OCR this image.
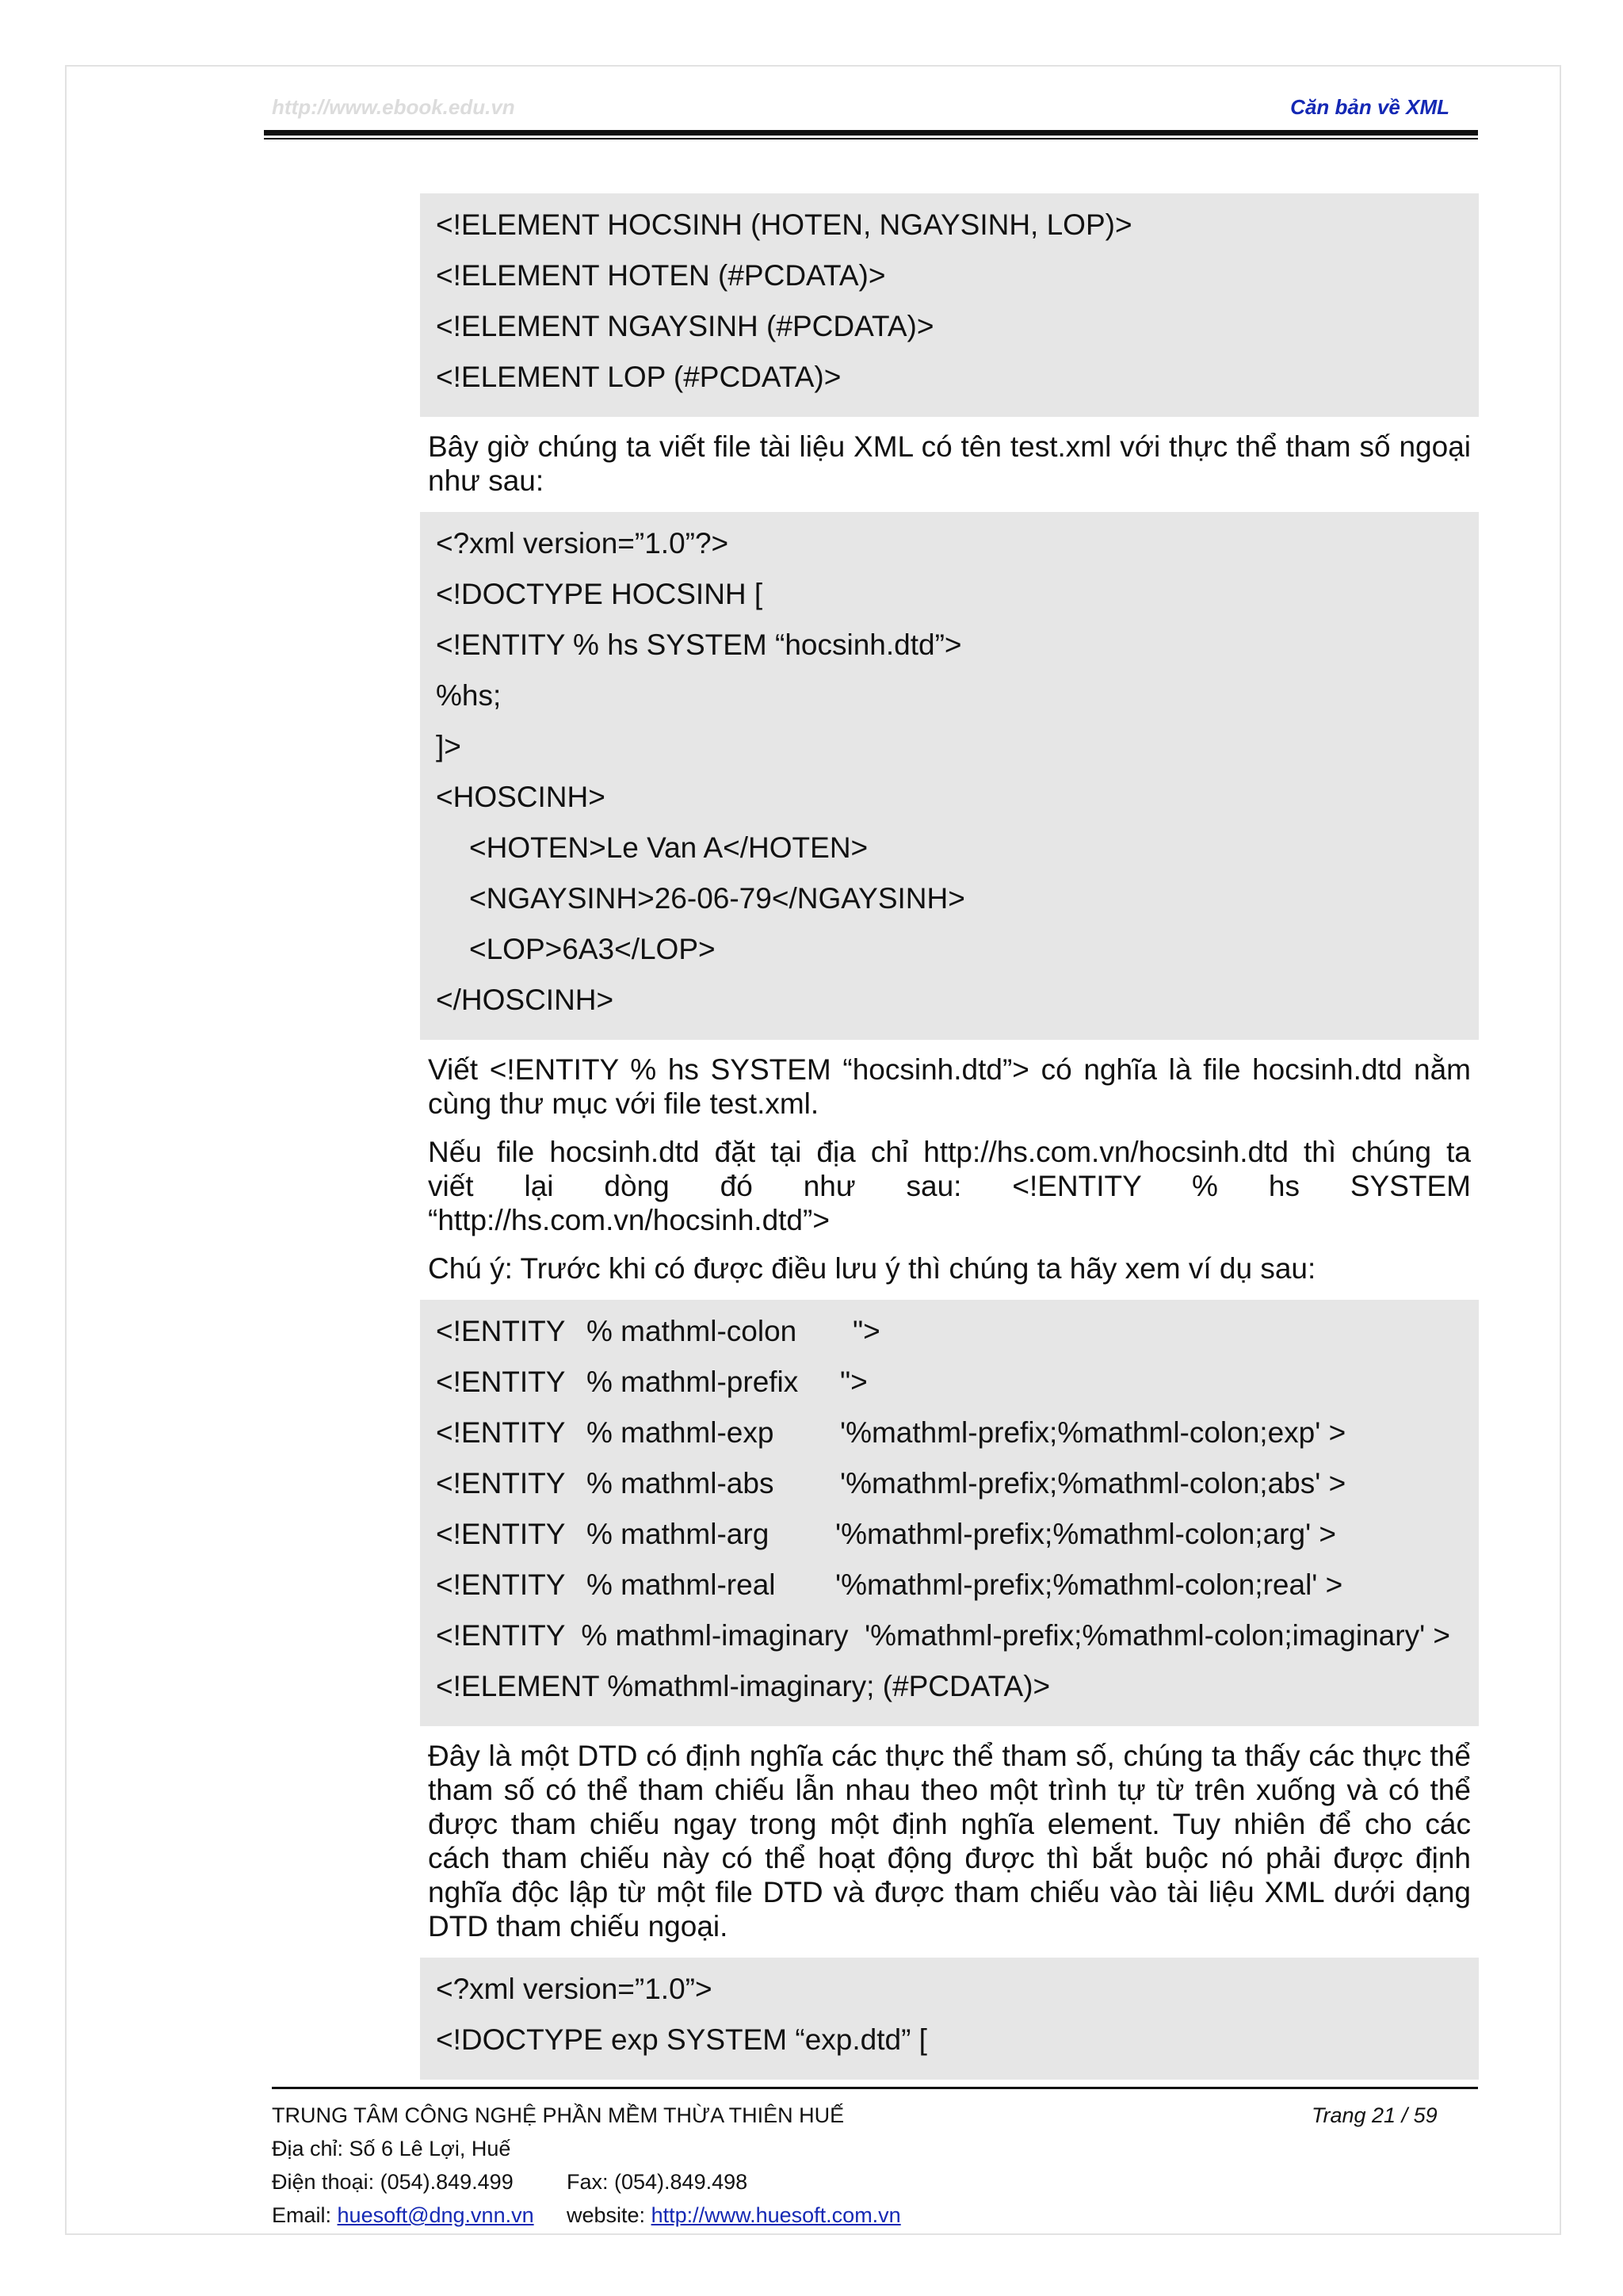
http://www.ebook.edu.vn	Căn bản về XML
<!ELEMENT HOCSINH (HOTEN, NGAYSINH, LOP)>
<!ELEMENT HOTEN (#PCDATA)>
<!ELEMENT NGAYSINH (#PCDATA)>
<!ELEMENT LOP (#PCDATA)>

Bây giờ chúng ta viết file tài liệu XML có tên test.xml với thực thể tham số ngoại như sau:

<?xml version=”1.0”?>
<!DOCTYPE HOCSINH [
<!ENTITY % hs SYSTEM “hocsinh.dtd”>
%hs;
]>
<HOSCINH>
<HOTEN>Le Van A</HOTEN>
<NGAYSINH>26-06-79</NGAYSINH>
<LOP>6A3</LOP>
</HOSCINH>

Viết <!ENTITY % hs SYSTEM “hocsinh.dtd”> có nghĩa là file hocsinh.dtd nằm cùng thư mục với file test.xml.

Nếu file hocsinh.dtd đặt tại địa chỉ http://hs.com.vn/hocsinh.dtd thì chúng ta
viết lại dòng đó như sau: <!ENTITY % hs SYSTEM
“http://hs.com.vn/hocsinh.dtd”>

Chú ý: Trước khi có được điều lưu ý thì chúng ta hãy xem ví dụ sau:

<!ENTITY % mathml-colon	">
<!ENTITY % mathml-prefix	">
<!ENTITY % mathml-exp	'%mathml-prefix;%mathml-colon;exp' >
<!ENTITY % mathml-abs	'%mathml-prefix;%mathml-colon;abs' >
<!ENTITY % mathml-arg	'%mathml-prefix;%mathml-colon;arg' >
<!ENTITY % mathml-real	'%mathml-prefix;%mathml-colon;real' >
<!ENTITY  % mathml-imaginary  '%mathml-prefix;%mathml-colon;imaginary' >
<!ELEMENT %mathml-imaginary; (#PCDATA)>

Đây là một DTD có định nghĩa các thực thể tham số, chúng ta thấy các thực thể tham số có thể tham chiếu lẫn nhau theo một trình tự từ trên xuống và có thể được tham chiếu ngay trong một định nghĩa element. Tuy nhiên để cho các cách tham chiếu này có thể hoạt động được thì bắt buộc nó phải được định nghĩa độc lập từ một file DTD và được tham chiếu vào tài liệu XML dưới dạng DTD tham chiếu ngoại.

<?xml version=”1.0”>
<!DOCTYPE exp SYSTEM “exp.dtd” [
TRUNG TÂM CÔNG NGHỆ PHẦN MỀM THỪA THIÊN HUẾ	Trang 21 / 59
Địa chỉ: Số 6 Lê Lợi, Huế
Điện thoại: (054).849.499 Fax: (054).849.498
Email: huesoft@dng.vnn.vn website: http://www.huesoft.com.vn
